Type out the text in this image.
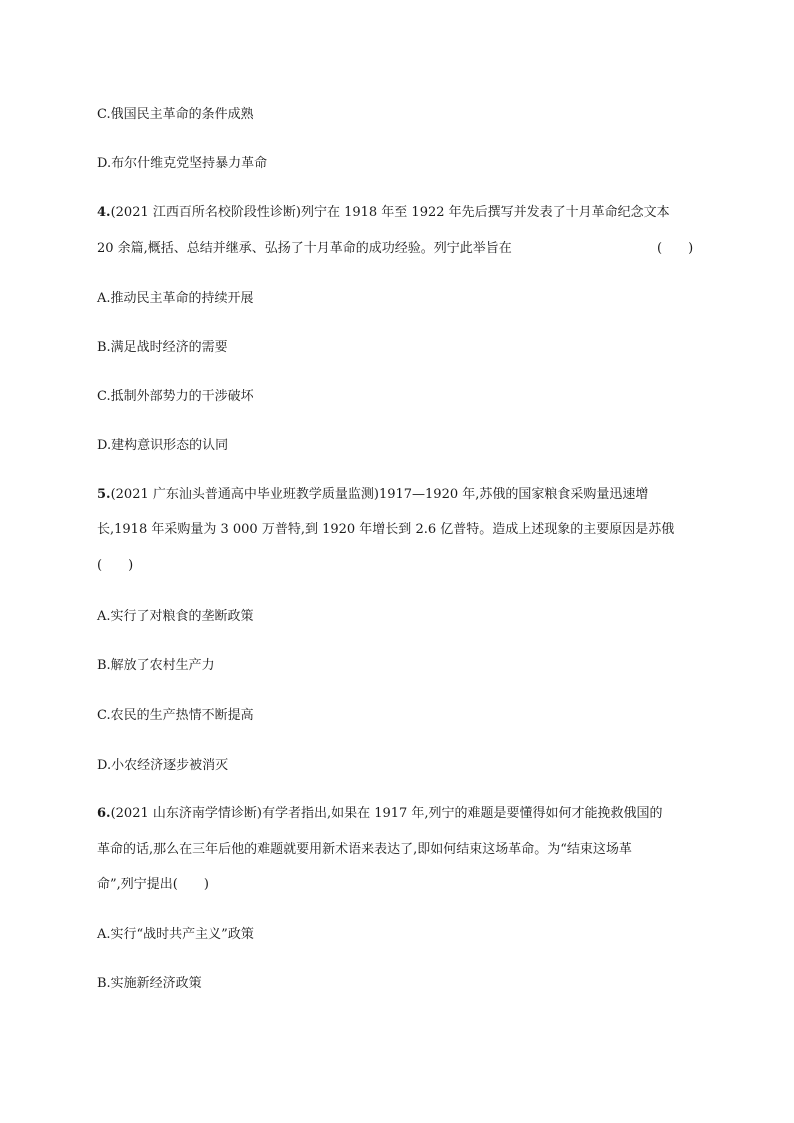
C.俄国民主革命的条件成熟
D.布尔什维克党坚持暴力革命
4.(2021 江西百所名校阶段性诊断)列宁在 1918 年至 1922 年先后撰写并发表了十月革命纪念文本
20 余篇,概括、总结并继承、弘扬了十月革命的成功经验。列宁此举旨在	(　　)
A.推动民主革命的持续开展
B.满足战时经济的需要
C.抵制外部势力的干涉破坏
D.建构意识形态的认同
5.(2021 广东汕头普通高中毕业班教学质量监测)1917—1920 年,苏俄的国家粮食采购量迅速增
长,1918 年采购量为 3 000 万普特,到 1920 年增长到 2.6 亿普特。造成上述现象的主要原因是苏俄
(　　)
A.实行了对粮食的垄断政策
B.解放了农村生产力
C.农民的生产热情不断提高
D.小农经济逐步被消灭
6.(2021 山东济南学情诊断)有学者指出,如果在 1917 年,列宁的难题是要懂得如何才能挽救俄国的
革命的话,那么在三年后他的难题就要用新术语来表达了,即如何结束这场革命。为“结束这场革
命”,列宁提出(　　)
A.实行“战时共产主义”政策
B.实施新经济政策
